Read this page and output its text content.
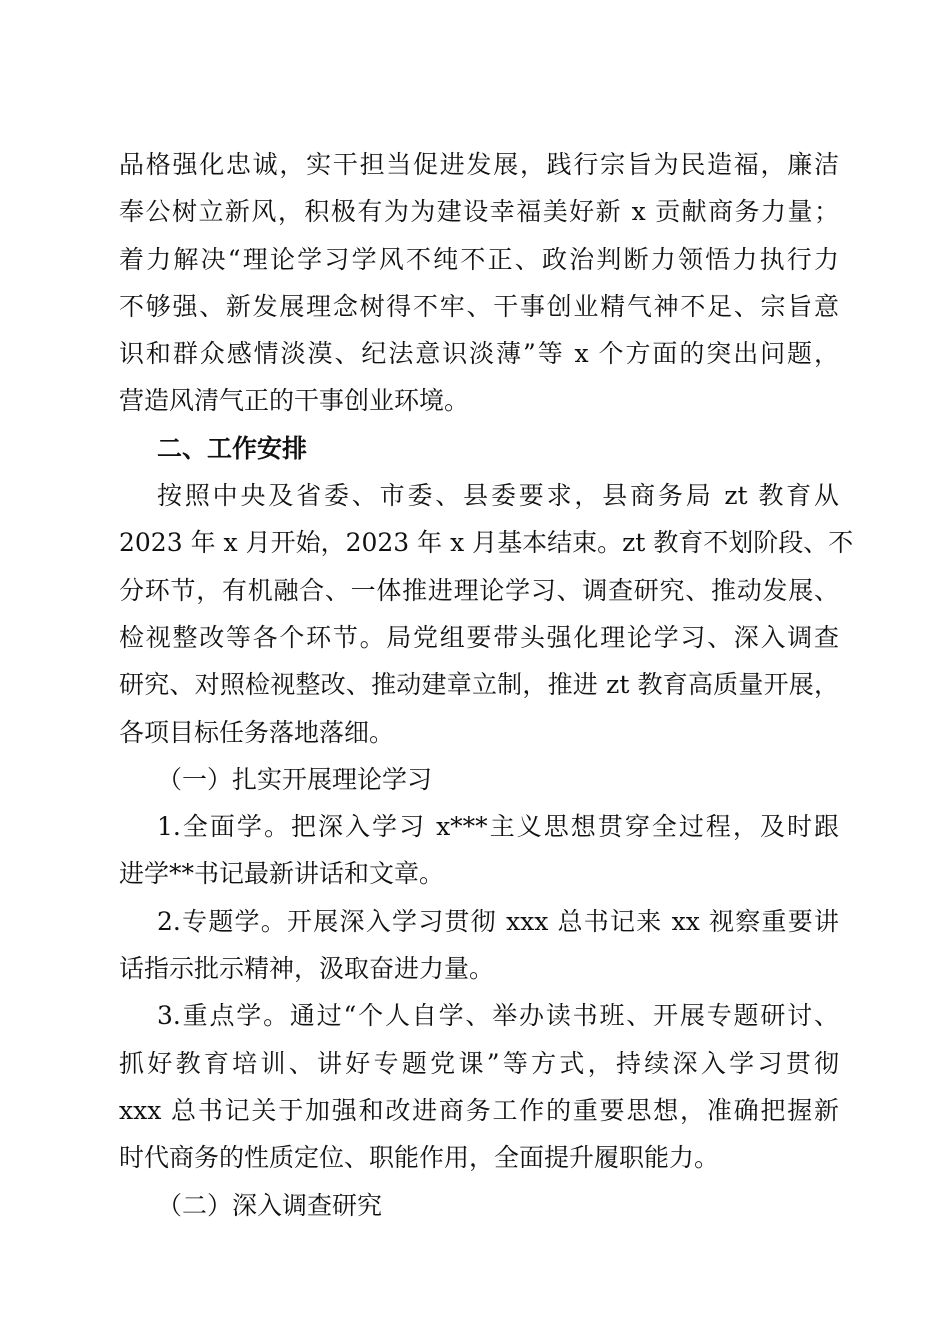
品格强化忠诚，实干担当促进发展，践行宗旨为民造福，廉洁
奉公树立新风，积极有为为建设幸福美好新 x 贡献商务力量；
着力解决“理论学习学风不纯不正、政治判断力领悟力执行力
不够强、新发展理念树得不牢、干事创业精气神不足、宗旨意
识和群众感情淡漠、纪法意识淡薄”等 x 个方面的突出问题，
营造风清气正的干事创业环境。
二、工作安排
按照中央及省委、市委、县委要求，县商务局 zt 教育从
2023 年 x 月开始，2023 年 x 月基本结束。zt 教育不划阶段、不
分环节，有机融合、一体推进理论学习、调查研究、推动发展、
检视整改等各个环节。局党组要带头强化理论学习、深入调查
研究、对照检视整改、推动建章立制，推进 zt 教育高质量开展，
各项目标任务落地落细。
（一）扎实开展理论学习
1.全面学。把深入学习 x***主义思想贯穿全过程，及时跟
进学**书记最新讲话和文章。
2.专题学。开展深入学习贯彻 xxx 总书记来 xx 视察重要讲
话指示批示精神，汲取奋进力量。
3.重点学。通过“个人自学、举办读书班、开展专题研讨、
抓好教育培训、讲好专题党课”等方式，持续深入学习贯彻
xxx 总书记关于加强和改进商务工作的重要思想，准确把握新
时代商务的性质定位、职能作用，全面提升履职能力。
（二）深入调查研究
